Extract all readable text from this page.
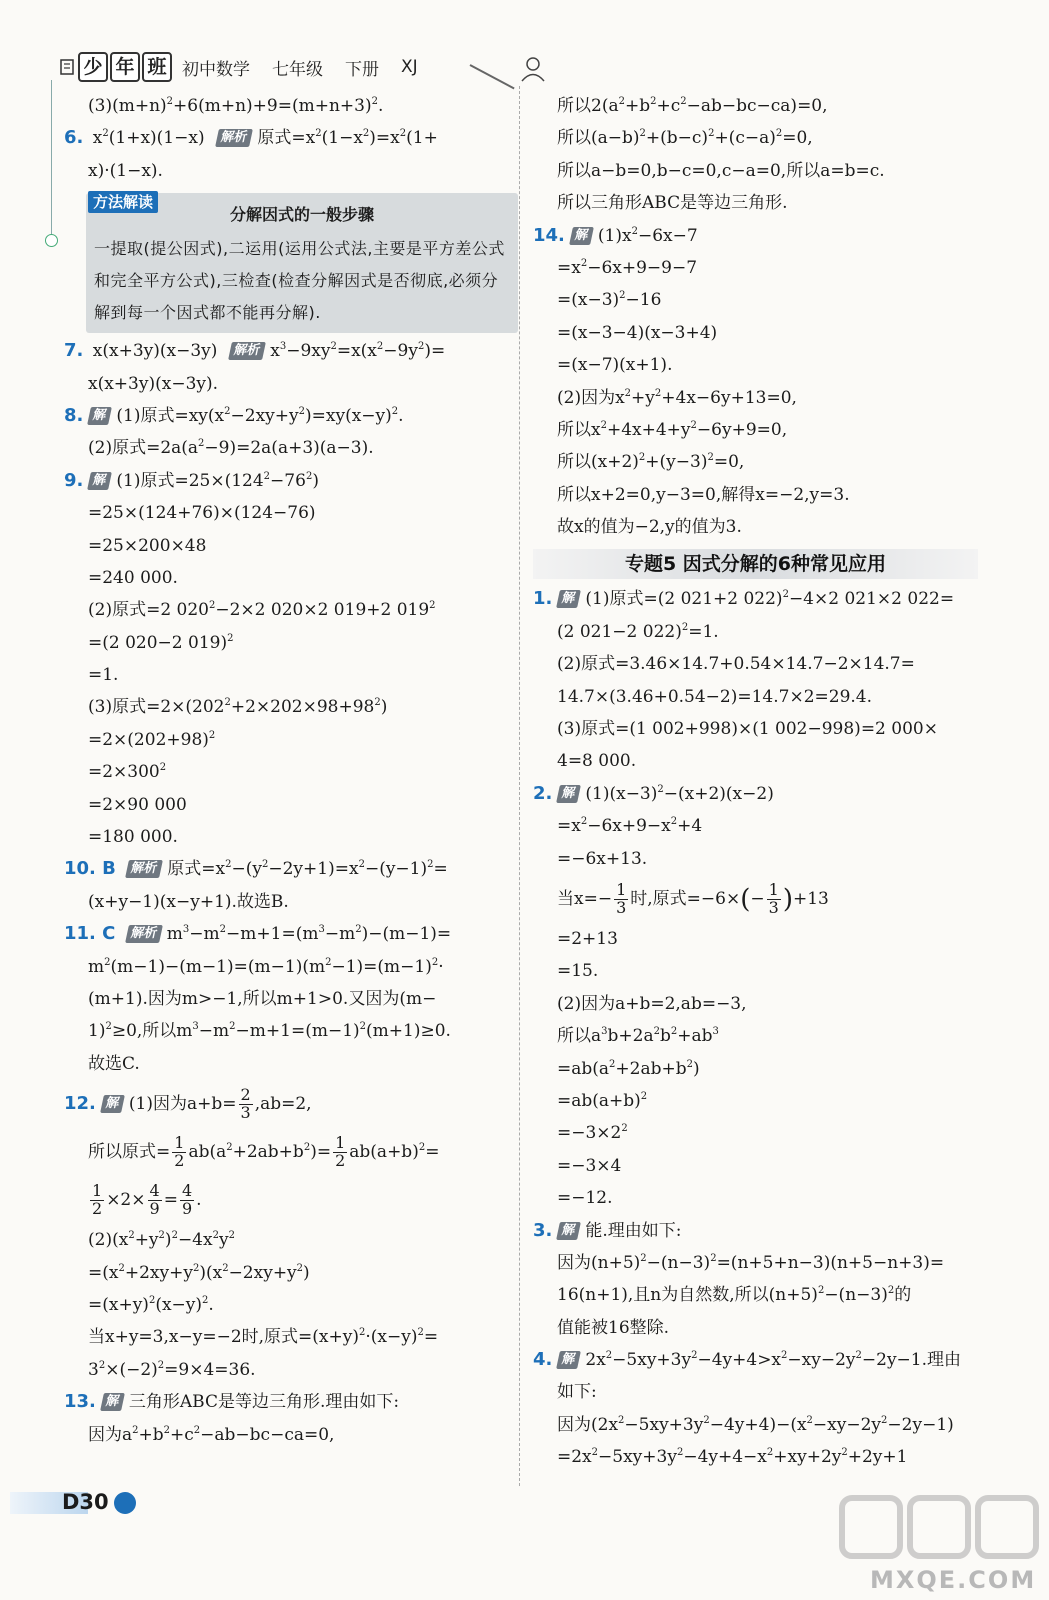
少 年 班 初中数学 七年级 下册 XJ
$(3)(m+n)^2+6(m+n)+9=(m+n+3)^2$.
6. $x^2(1+x)(1-x)$  解析 原式$=x^2(1-x^2)=x^2(1+$
x)·(1−x).
方法解读
分解因式的一般步骤
一提取(提公因式),二运用(运用公式法,主要是平方差公式和完全平方公式),三检查(检查分解因式是否彻底,必须分解到每一个因式都不能再分解).
7. x(x+3y)(x−3y)  解析 $x^3-9xy^2=x(x^2-9y^2)=$
x(x+3y)(x−3y).
8. 解 (1)原式$=xy(x^2-2xy+y^2)=xy(x-y)^2$.
(2)原式$=2a(a^2-9)=2a(a+3)(a-3)$.
9. 解 (1)原式$=25\times(124^2-76^2)$
=25×(124+76)×(124−76)
=25×200×48
=240 000.
(2)原式=2 $020^2-2\times 2$ 020×2 019+2 $019^2$
=(2 020−2 019)$^2$
=1.
(3)原式$=2\times(202^2+2\times 202\times 98+98^2)$
$=2\times(202+98)^2$
$=2\times 300^2$
=2×90 000
=180 000.
10. B 解析 原式$=x^2-(y^2-2y+1)=x^2-(y-1)^2=$
(x+y−1)(x−y+1).故选B.
11. C 解析 $m^3-m^2-m+1=(m^3-m^2)-(m-1)=$
$m^2(m-1)-(m-1)=(m-1)(m^2-1)=(m-1)^2\cdot$
(m+1).因为m>−1,所以m+1>0.又因为(m−
1)$^2$≥0,所以$m^3-m^2-m+1=(m-1)^2(m+1)\ge 0$.
故选C.
12. 解 (1)因为$a+b= \frac{2}{3} ,ab=2$,
所以原式= $\frac{1}{2} ab(a^2+2ab+b^2)= \frac{1}{2} ab(a+b)^2=$
$\frac{1}{2} \times 2\times \frac{4}{9} = \frac{4}{9}$ .
$(2)(x^2+y^2)^2-4x^2y^2$
$=(x^2+2xy+y^2)(x^2-2xy+y^2)$
$=(x+y)^2(x-y)^2$.
当x+y=3,x−y=−2时,原式$=(x+y)^2\cdot(x-y)^2=$
$3^2\times(-2)^2=9\times 4=36$.
13. 解 三角形ABC是等边三角形.理由如下:
因为$a^2+b^2+c^2-ab-bc-ca=0$,
所以$2(a^2+b^2+c^2-ab-bc-ca)=0$,
所以$(a-b)^2+(b-c)^2+(c-a)^2=0$,
所以a−b=0,b−c=0,c−a=0,所以a=b=c.
所以三角形ABC是等边三角形.
14. 解 $(1)x^2-6x-7$
$=x^2-6x+9-9-7$
$=(x-3)^2-16$
=(x−3−4)(x−3+4)
=(x−7)(x+1).
(2)因为$x^2+y^2+4x-6y+13=0$,
所以$x^2+4x+4+y^2-6y+9=0$,
所以$(x+2)^2+(y-3)^2=0$,
所以x+2=0,y−3=0,解得x=−2,y=3.
故x的值为−2,y的值为3.
专题5 因式分解的6种常见应用
1. 解 (1)原式=(2 021+2 022)$^2$−4×2 021×2 022=
(2 021−2 022)$^2$=1.
(2)原式=3.46×14.7+0.54×14.7−2×14.7=
14.7×(3.46+0.54−2)=14.7×2=29.4.
(3)原式=(1 002+998)×(1 002−998)=2 000×
4=8 000.
2. 解 $(1)(x-3)^2-(x+2)(x-2)$
$=x^2-6x+9-x^2+4$
=−6x+13.
当$x=- \frac{1}{3}$ 时,原式$=-6\times(- \frac{1}{3} )+13$
=2+13
=15.
(2)因为a+b=2,ab=−3,
所以$a^3b+2a^2b^2+ab^3$
$=ab(a^2+2ab+b^2)$
$=ab(a+b)^2$
$=-3\times 2^2$
=−3×4
=−12.
3. 解 能.理由如下:
因为$(n+5)^2-(n-3)^2=(n+5+n-3)(n+5-n+3)=$
16(n+1),且n为自然数,所以$(n+5)^2-(n-3)^2$的
值能被16整除.
4. 解 $2x^2-5xy+3y^2-4y+4>x^2-xy-2y^2-2y-1$.理由
如下:
因为$(2x^2-5xy+3y^2-4y+4)-(x^2-xy-2y^2-2y-1)$
$=2x^2-5xy+3y^2-4y+4-x^2+xy+2y^2+2y+1$
D30
MXQE.COM
